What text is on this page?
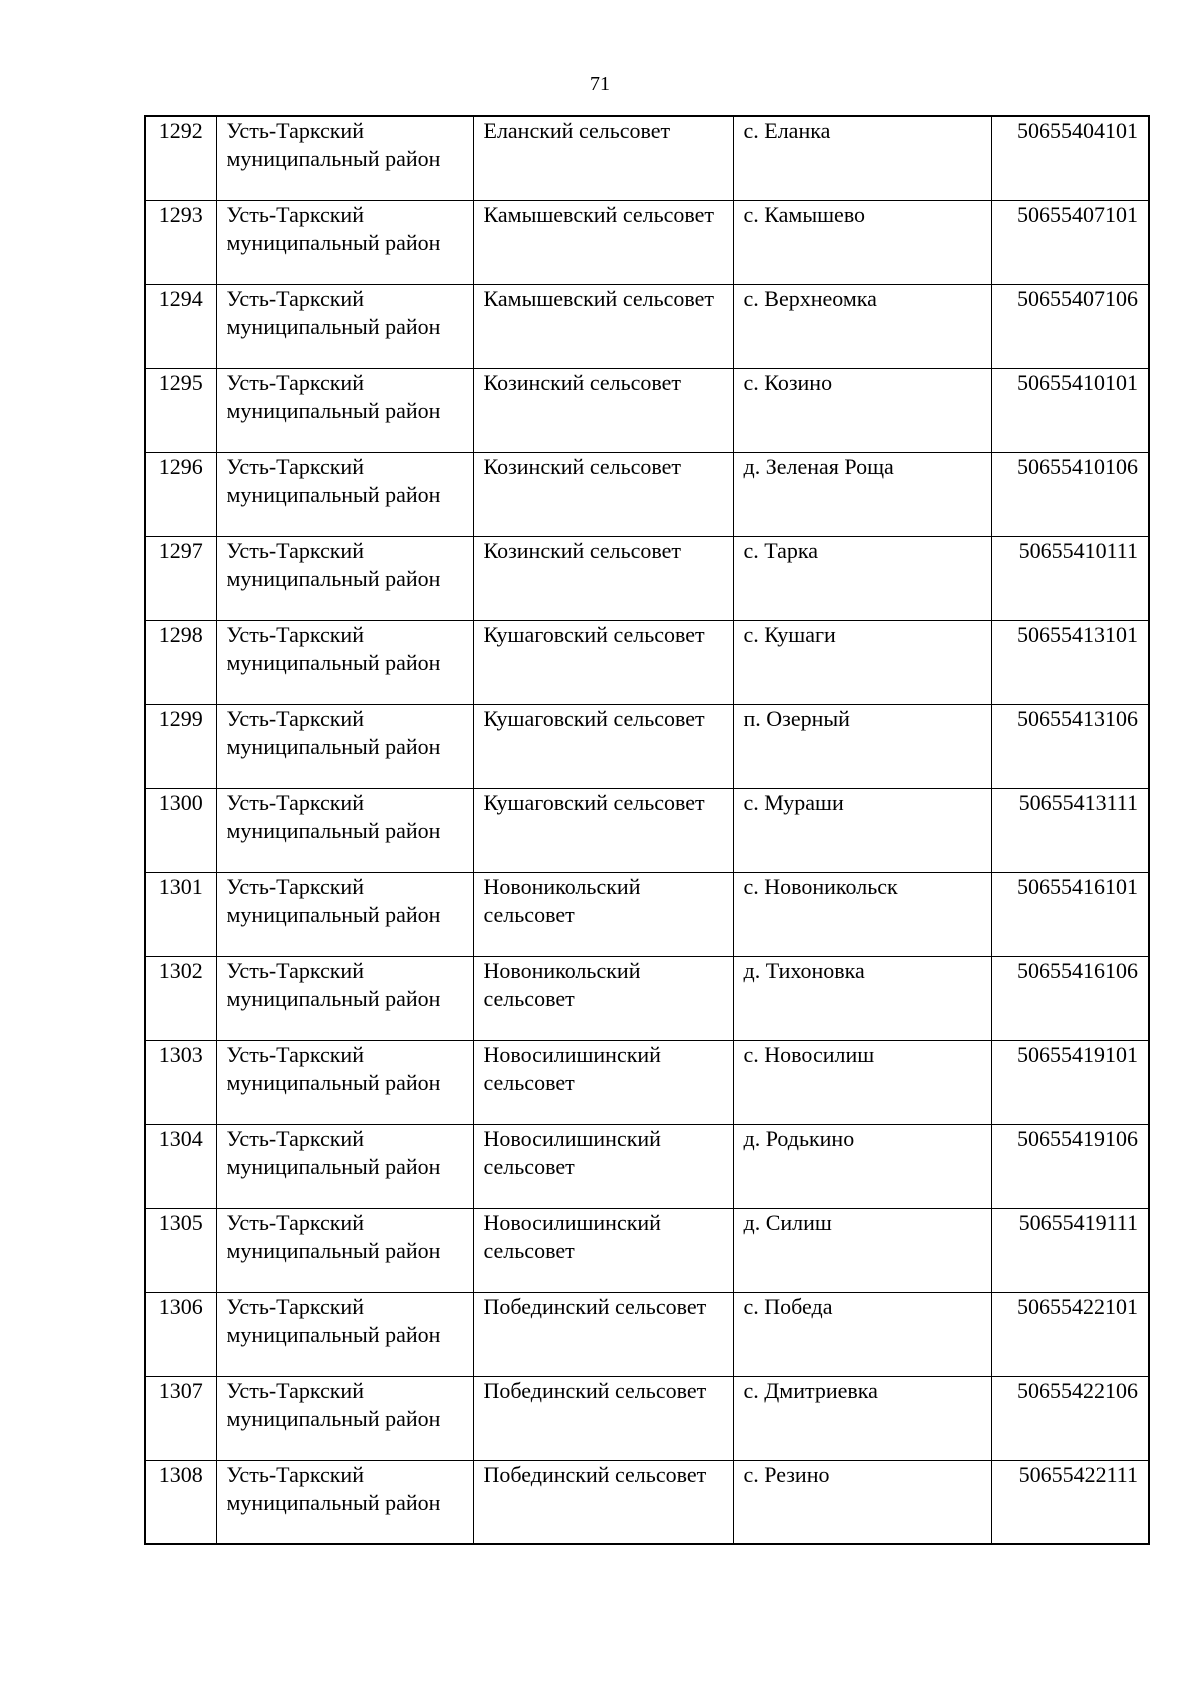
71
1292	Усть-Таркский муниципальный район	Еланский сельсовет	с. Еланка	50655404101
1293	Усть-Таркский муниципальный район	Камышевский сельсовет	с. Камышево	50655407101
1294	Усть-Таркский муниципальный район	Камышевский сельсовет	с. Верхнеомка	50655407106
1295	Усть-Таркский муниципальный район	Козинский сельсовет	с. Козино	50655410101
1296	Усть-Таркский муниципальный район	Козинский сельсовет	д. Зеленая Роща	50655410106
1297	Усть-Таркский муниципальный район	Козинский сельсовет	с. Тарка	50655410111
1298	Усть-Таркский муниципальный район	Кушаговский сельсовет	с. Кушаги	50655413101
1299	Усть-Таркский муниципальный район	Кушаговский сельсовет	п. Озерный	50655413106
1300	Усть-Таркский муниципальный район	Кушаговский сельсовет	с. Мураши	50655413111
1301	Усть-Таркский муниципальный район	Новоникольский сельсовет	с. Новоникольск	50655416101
1302	Усть-Таркский муниципальный район	Новоникольский сельсовет	д. Тихоновка	50655416106
1303	Усть-Таркский муниципальный район	Новосилишинский сельсовет	с. Новосилиш	50655419101
1304	Усть-Таркский муниципальный район	Новосилишинский сельсовет	д. Родькино	50655419106
1305	Усть-Таркский муниципальный район	Новосилишинский сельсовет	д. Силиш	50655419111
1306	Усть-Таркский муниципальный район	Побединский сельсовет	с. Победа	50655422101
1307	Усть-Таркский муниципальный район	Побединский сельсовет	с. Дмитриевка	50655422106
1308	Усть-Таркский муниципальный район	Побединский сельсовет	с. Резино	50655422111
